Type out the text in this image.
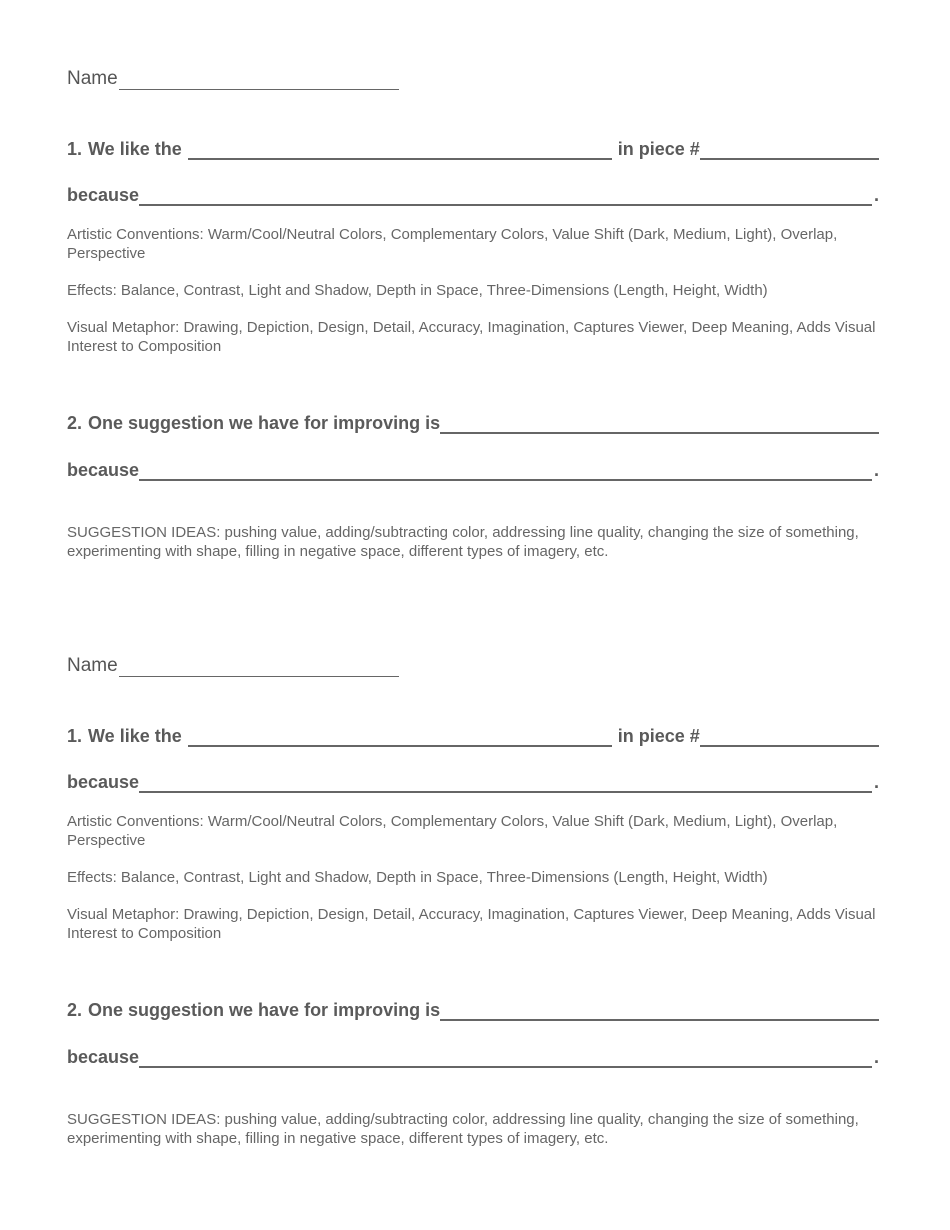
Name
1. We like the	in piece #
because	.
Artistic Conventions: Warm/Cool/Neutral Colors, Complementary Colors, Value Shift (Dark, Medium, Light), Overlap, Perspective
Effects: Balance, Contrast, Light and Shadow, Depth in Space, Three-Dimensions (Length, Height, Width)
Visual Metaphor: Drawing, Depiction, Design, Detail, Accuracy, Imagination, Captures Viewer, Deep Meaning, Adds Visual Interest to Composition
2. One suggestion we have for improving is
because	.
SUGGESTION IDEAS: pushing value, adding/subtracting color, addressing line quality, changing the size of something, experimenting with shape, filling in negative space, different types of imagery, etc.
Name
1. We like the	in piece #
because	.
Artistic Conventions: Warm/Cool/Neutral Colors, Complementary Colors, Value Shift (Dark, Medium, Light), Overlap, Perspective
Effects: Balance, Contrast, Light and Shadow, Depth in Space, Three-Dimensions (Length, Height, Width)
Visual Metaphor: Drawing, Depiction, Design, Detail, Accuracy, Imagination, Captures Viewer, Deep Meaning, Adds Visual Interest to Composition
2. One suggestion we have for improving is
because	.
SUGGESTION IDEAS: pushing value, adding/subtracting color, addressing line quality, changing the size of something, experimenting with shape, filling in negative space, different types of imagery, etc.
